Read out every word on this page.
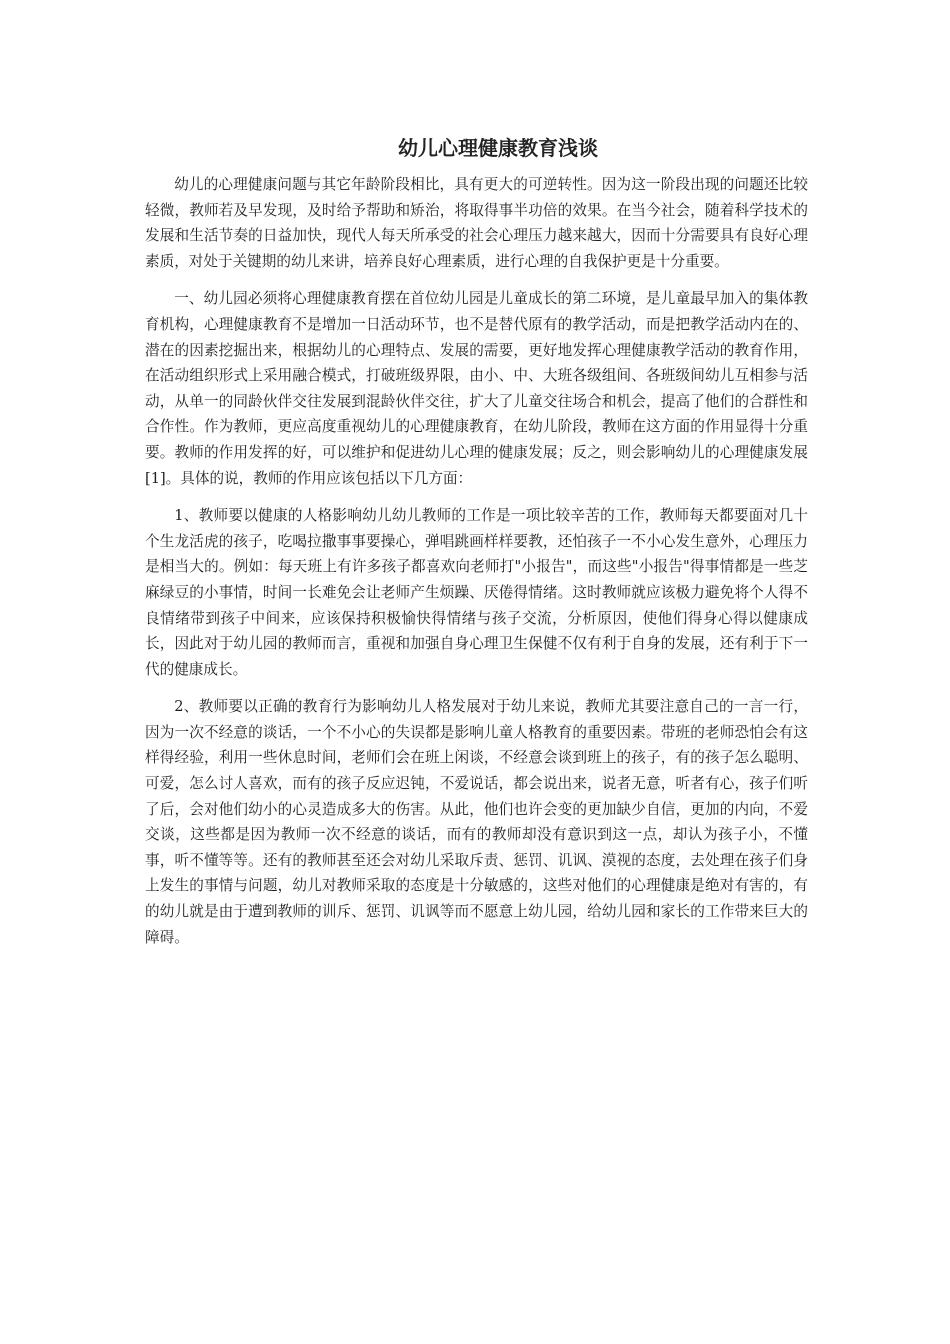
幼儿心理健康教育浅谈

幼儿的心理健康问题与其它年龄阶段相比，具有更大的可逆转性。因为这一阶段出现的问题还比较轻微，教师若及早发现，及时给予帮助和矫治，将取得事半功倍的效果。在当今社会，随着科学技术的发展和生活节奏的日益加快，现代人每天所承受的社会心理压力越来越大，因而十分需要具有良好心理素质，对处于关键期的幼儿来讲，培养良好心理素质，进行心理的自我保护更是十分重要。

一、幼儿园必须将心理健康教育摆在首位幼儿园是儿童成长的第二环境，是儿童最早加入的集体教育机构，心理健康教育不是增加一日活动环节，也不是替代原有的教学活动，而是把教学活动内在的、潜在的因素挖掘出来，根据幼儿的心理特点、发展的需要，更好地发挥心理健康教学活动的教育作用，在活动组织形式上采用融合模式，打破班级界限，由小、中、大班各级组间、各班级间幼儿互相参与活动，从单一的同龄伙伴交往发展到混龄伙伴交往，扩大了儿童交往场合和机会，提高了他们的合群性和合作性。作为教师，更应高度重视幼儿的心理健康教育，在幼儿阶段，教师在这方面的作用显得十分重要。教师的作用发挥的好，可以维护和促进幼儿心理的健康发展；反之，则会影响幼儿的心理健康发展[1]。具体的说，教师的作用应该包括以下几方面：

1、教师要以健康的人格影响幼儿幼儿教师的工作是一项比较辛苦的工作，教师每天都要面对几十个生龙活虎的孩子，吃喝拉撒事事要操心，弹唱跳画样样要教，还怕孩子一不小心发生意外，心理压力是相当大的。例如：每天班上有许多孩子都喜欢向老师打"小报告"，而这些"小报告"得事情都是一些芝麻绿豆的小事情，时间一长难免会让老师产生烦躁、厌倦得情绪。这时教师就应该极力避免将个人得不良情绪带到孩子中间来，应该保持积极愉快得情绪与孩子交流，分析原因，使他们得身心得以健康成长，因此对于幼儿园的教师而言，重视和加强自身心理卫生保健不仅有利于自身的发展，还有利于下一代的健康成长。

2、教师要以正确的教育行为影响幼儿人格发展对于幼儿来说，教师尤其要注意自己的一言一行，因为一次不经意的谈话，一个不小心的失误都是影响儿童人格教育的重要因素。带班的老师恐怕会有这样得经验，利用一些休息时间，老师们会在班上闲谈，不经意会谈到班上的孩子，有的孩子怎么聪明、可爱，怎么讨人喜欢，而有的孩子反应迟钝，不爱说话，都会说出来，说者无意，听者有心，孩子们听了后，会对他们幼小的心灵造成多大的伤害。从此，他们也许会变的更加缺少自信，更加的内向，不爱交谈，这些都是因为教师一次不经意的谈话，而有的教师却没有意识到这一点，却认为孩子小，不懂事，听不懂等等。还有的教师甚至还会对幼儿采取斥责、惩罚、讥讽、漠视的态度，去处理在孩子们身上发生的事情与问题，幼儿对教师采取的态度是十分敏感的，这些对他们的心理健康是绝对有害的，有的幼儿就是由于遭到教师的训斥、惩罚、讥讽等而不愿意上幼儿园，给幼儿园和家长的工作带来巨大的障碍。
